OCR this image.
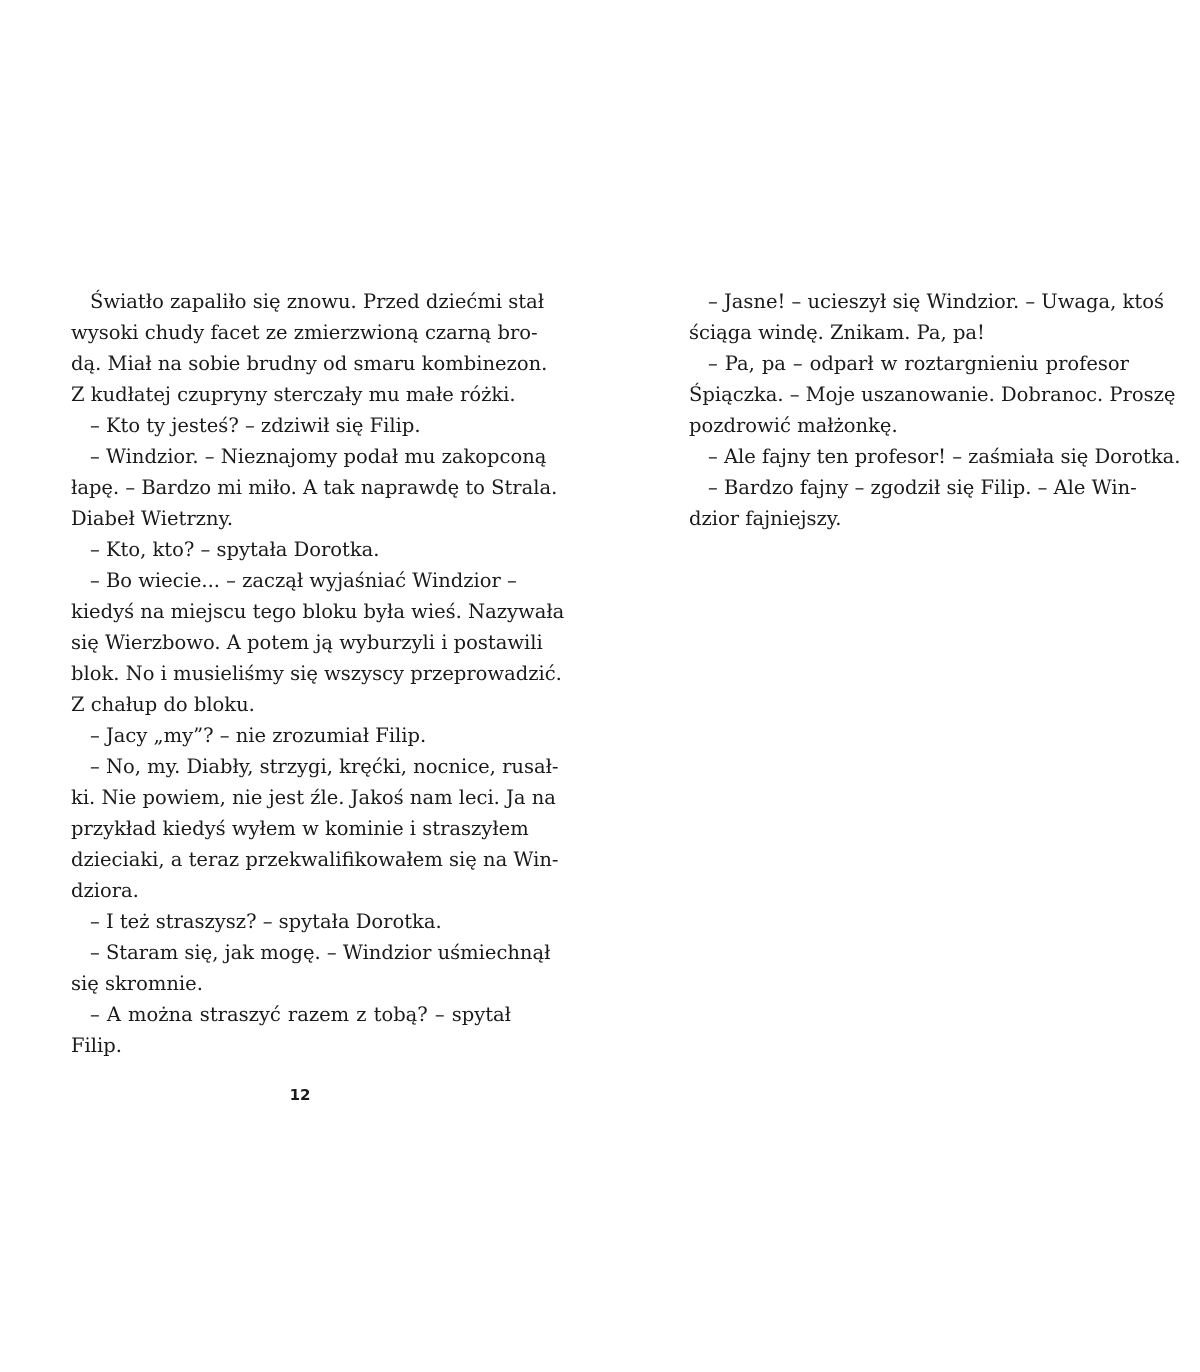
Światło zapaliło się znowu. Przed dziećmi stał
wysoki chudy facet ze zmierzwioną czarną bro-
dą. Miał na sobie brudny od smaru kombinezon.
Z kudłatej czupryny sterczały mu małe różki.
– Kto ty jesteś? – zdziwił się Filip.
– Windzior. – Nieznajomy podał mu zakopconą
łapę. – Bardzo mi miło. A tak naprawdę to Strala.
Diabeł Wietrzny.
– Kto, kto? – spytała Dorotka.
– Bo wiecie... – zaczął wyjaśniać Windzior –
kiedyś na miejscu tego bloku była wieś. Nazywała
się Wierzbowo. A potem ją wyburzyli i postawili
blok. No i musieliśmy się wszyscy przeprowadzić.
Z chałup do bloku.
– Jacy „my”? – nie zrozumiał Filip.
– No, my. Diabły, strzygi, kręćki, nocnice, rusał-
ki. Nie powiem, nie jest źle. Jakoś nam leci. Ja na
przykład kiedyś wyłem w kominie i straszyłem
dzieciaki, a teraz przekwalifikowałem się na Win-
dziora.
– I też straszysz? – spytała Dorotka.
– Staram się, jak mogę. – Windzior uśmiechnął
się skromnie.
– A można straszyć razem z tobą? – spytał
Filip.
12
– Jasne! – ucieszył się Windzior. – Uwaga, ktoś
ściąga windę. Znikam. Pa, pa!
– Pa, pa – odparł w roztargnieniu profesor
Śpiączka. – Moje uszanowanie. Dobranoc. Proszę
pozdrowić małżonkę.
– Ale fajny ten profesor! – zaśmiała się Dorotka.
– Bardzo fajny – zgodził się Filip. – Ale Win-
dzior fajniejszy.
